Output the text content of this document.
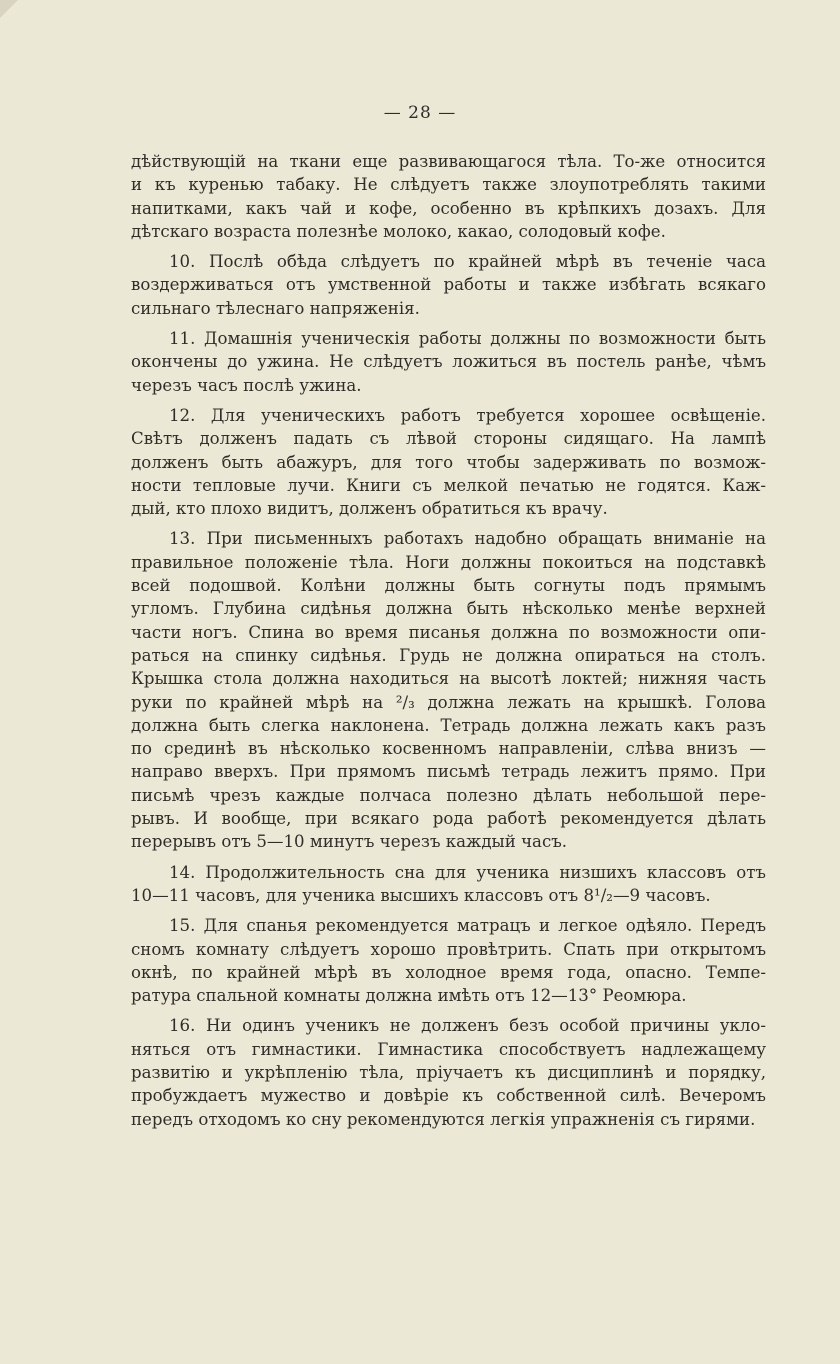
— 28 —
дѣйствующій на ткани еще развивающагося тѣла. То-же относится
и къ куренью табаку. Не слѣдуетъ также злоупотреблять такими
напитками, какъ чай и кофе, особенно въ крѣпкихъ дозахъ. Для
дѣтскаго возраста полезнѣе молоко, какао, солодовый кофе.
10. Послѣ обѣда слѣдуетъ по крайней мѣрѣ въ теченіе часа
воздерживаться отъ умственной работы и также избѣгать всякаго
сильнаго тѣлеснаго напряженія.
11. Домашнія ученическія работы должны по возможности быть
окончены до ужина. Не слѣдуетъ ложиться въ постель ранѣе, чѣмъ
черезъ часъ послѣ ужина.
12. Для ученическихъ работъ требуется хорошее освѣщеніе.
Свѣтъ долженъ падать съ лѣвой стороны сидящаго. На лампѣ
долженъ быть абажуръ, для того чтобы задерживать по возмож-
ности тепловые лучи. Книги съ мелкой печатью не годятся. Каж-
дый, кто плохо видитъ, долженъ обратиться къ врачу.
13. При письменныхъ работахъ надобно обращать вниманіе на
правильное положеніе тѣла. Ноги должны покоиться на подставкѣ
всей подошвой. Колѣни должны быть согнуты подъ прямымъ
угломъ. Глубина сидѣнья должна быть нѣсколько менѣе верхней
части ногъ. Спина во время писанья должна по возможности опи-
раться на спинку сидѣнья. Грудь не должна опираться на столъ.
Крышка стола должна находиться на высотѣ локтей; нижняя часть
руки по крайней мѣрѣ на ²/₃ должна лежать на крышкѣ. Голова
должна быть слегка наклонена. Тетрадь должна лежать какъ разъ
по срединѣ въ нѣсколько косвенномъ направленіи, слѣва внизъ —
направо вверхъ. При прямомъ письмѣ тетрадь лежитъ прямо. При
письмѣ чрезъ каждые полчаса полезно дѣлать небольшой пере-
рывъ. И вообще, при всякаго рода работѣ рекомендуется дѣлать
перерывъ отъ 5—10 минутъ черезъ каждый часъ.
14. Продолжительность сна для ученика низшихъ классовъ отъ
10—11 часовъ, для ученика высшихъ классовъ отъ 8¹/₂—9 часовъ.
15. Для спанья рекомендуется матрацъ и легкое одѣяло. Передъ
сномъ комнату слѣдуетъ хорошо провѣтрить. Спать при открытомъ
окнѣ, по крайней мѣрѣ въ холодное время года, опасно. Темпе-
ратура спальной комнаты должна имѣть отъ 12—13° Реомюра.
16. Ни одинъ ученикъ не долженъ безъ особой причины укло-
няться отъ гимнастики. Гимнастика способствуетъ надлежащему
развитію и укрѣпленію тѣла, пріучаетъ къ дисциплинѣ и порядку,
пробуждаетъ мужество и довѣріе къ собственной силѣ. Вечеромъ
передъ отходомъ ко сну рекомендуются легкія упражненія съ гирями.
